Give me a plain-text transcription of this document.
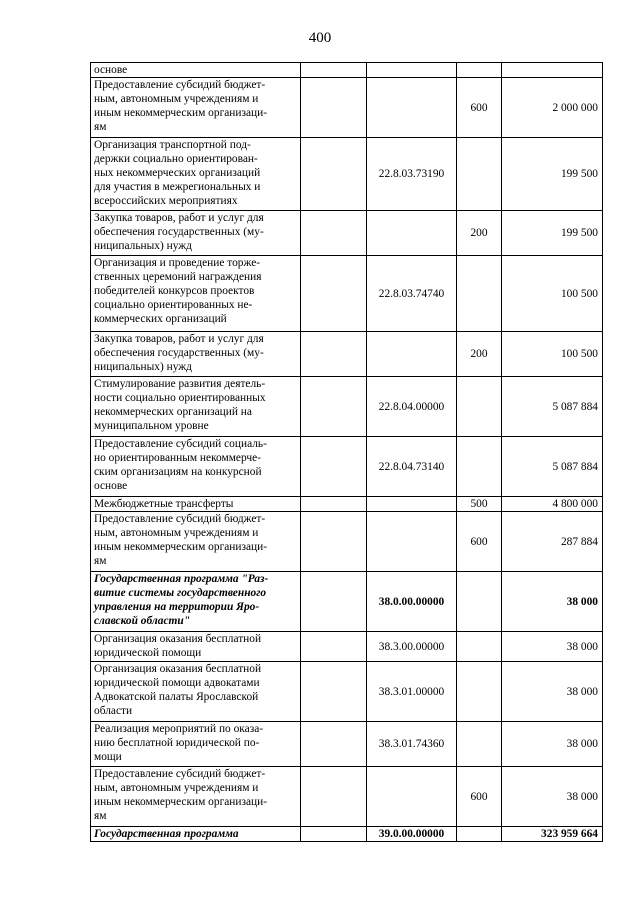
400
основе				
Предоставление субсидий бюджет-
ным, автономным учреждениям и
иным некоммерческим организаци-
ям			600	2 000 000
Организация транспортной под-
держки социально ориентирован-
ных некоммерческих организаций
для участия в межрегиональных и
всероссийских мероприятиях		22.8.03.73190		199 500
Закупка товаров, работ и услуг для
обеспечения государственных (му-
ниципальных) нужд			200	199 500
Организация и проведение торже-
ственных церемоний награждения
победителей конкурсов проектов
социально ориентированных не-
коммерческих организаций		22.8.03.74740		100 500
Закупка товаров, работ и услуг для
обеспечения государственных (му-
ниципальных) нужд			200	100 500
Стимулирование развития деятель-
ности социально ориентированных
некоммерческих организаций на
муниципальном уровне		22.8.04.00000		5 087 884
Предоставление субсидий социаль-
но ориентированным некоммерче-
ским организациям на конкурсной
основе		22.8.04.73140		5 087 884
Межбюджетные трансферты			500	4 800 000
Предоставление субсидий бюджет-
ным, автономным учреждениям и
иным некоммерческим организаци-
ям			600	287 884
Государственная программа "Раз-
витие системы государственного
управления на территории Яро-
славской области"		38.0.00.00000		38 000
Организация оказания бесплатной
юридической помощи		38.3.00.00000		38 000
Организация оказания бесплатной
юридической помощи адвокатами
Адвокатской палаты Ярославской
области		38.3.01.00000		38 000
Реализация мероприятий по оказа-
нию бесплатной юридической по-
мощи		38.3.01.74360		38 000
Предоставление субсидий бюджет-
ным, автономным учреждениям и
иным некоммерческим организаци-
ям			600	38 000
Государственная программа		39.0.00.00000		323 959 664
